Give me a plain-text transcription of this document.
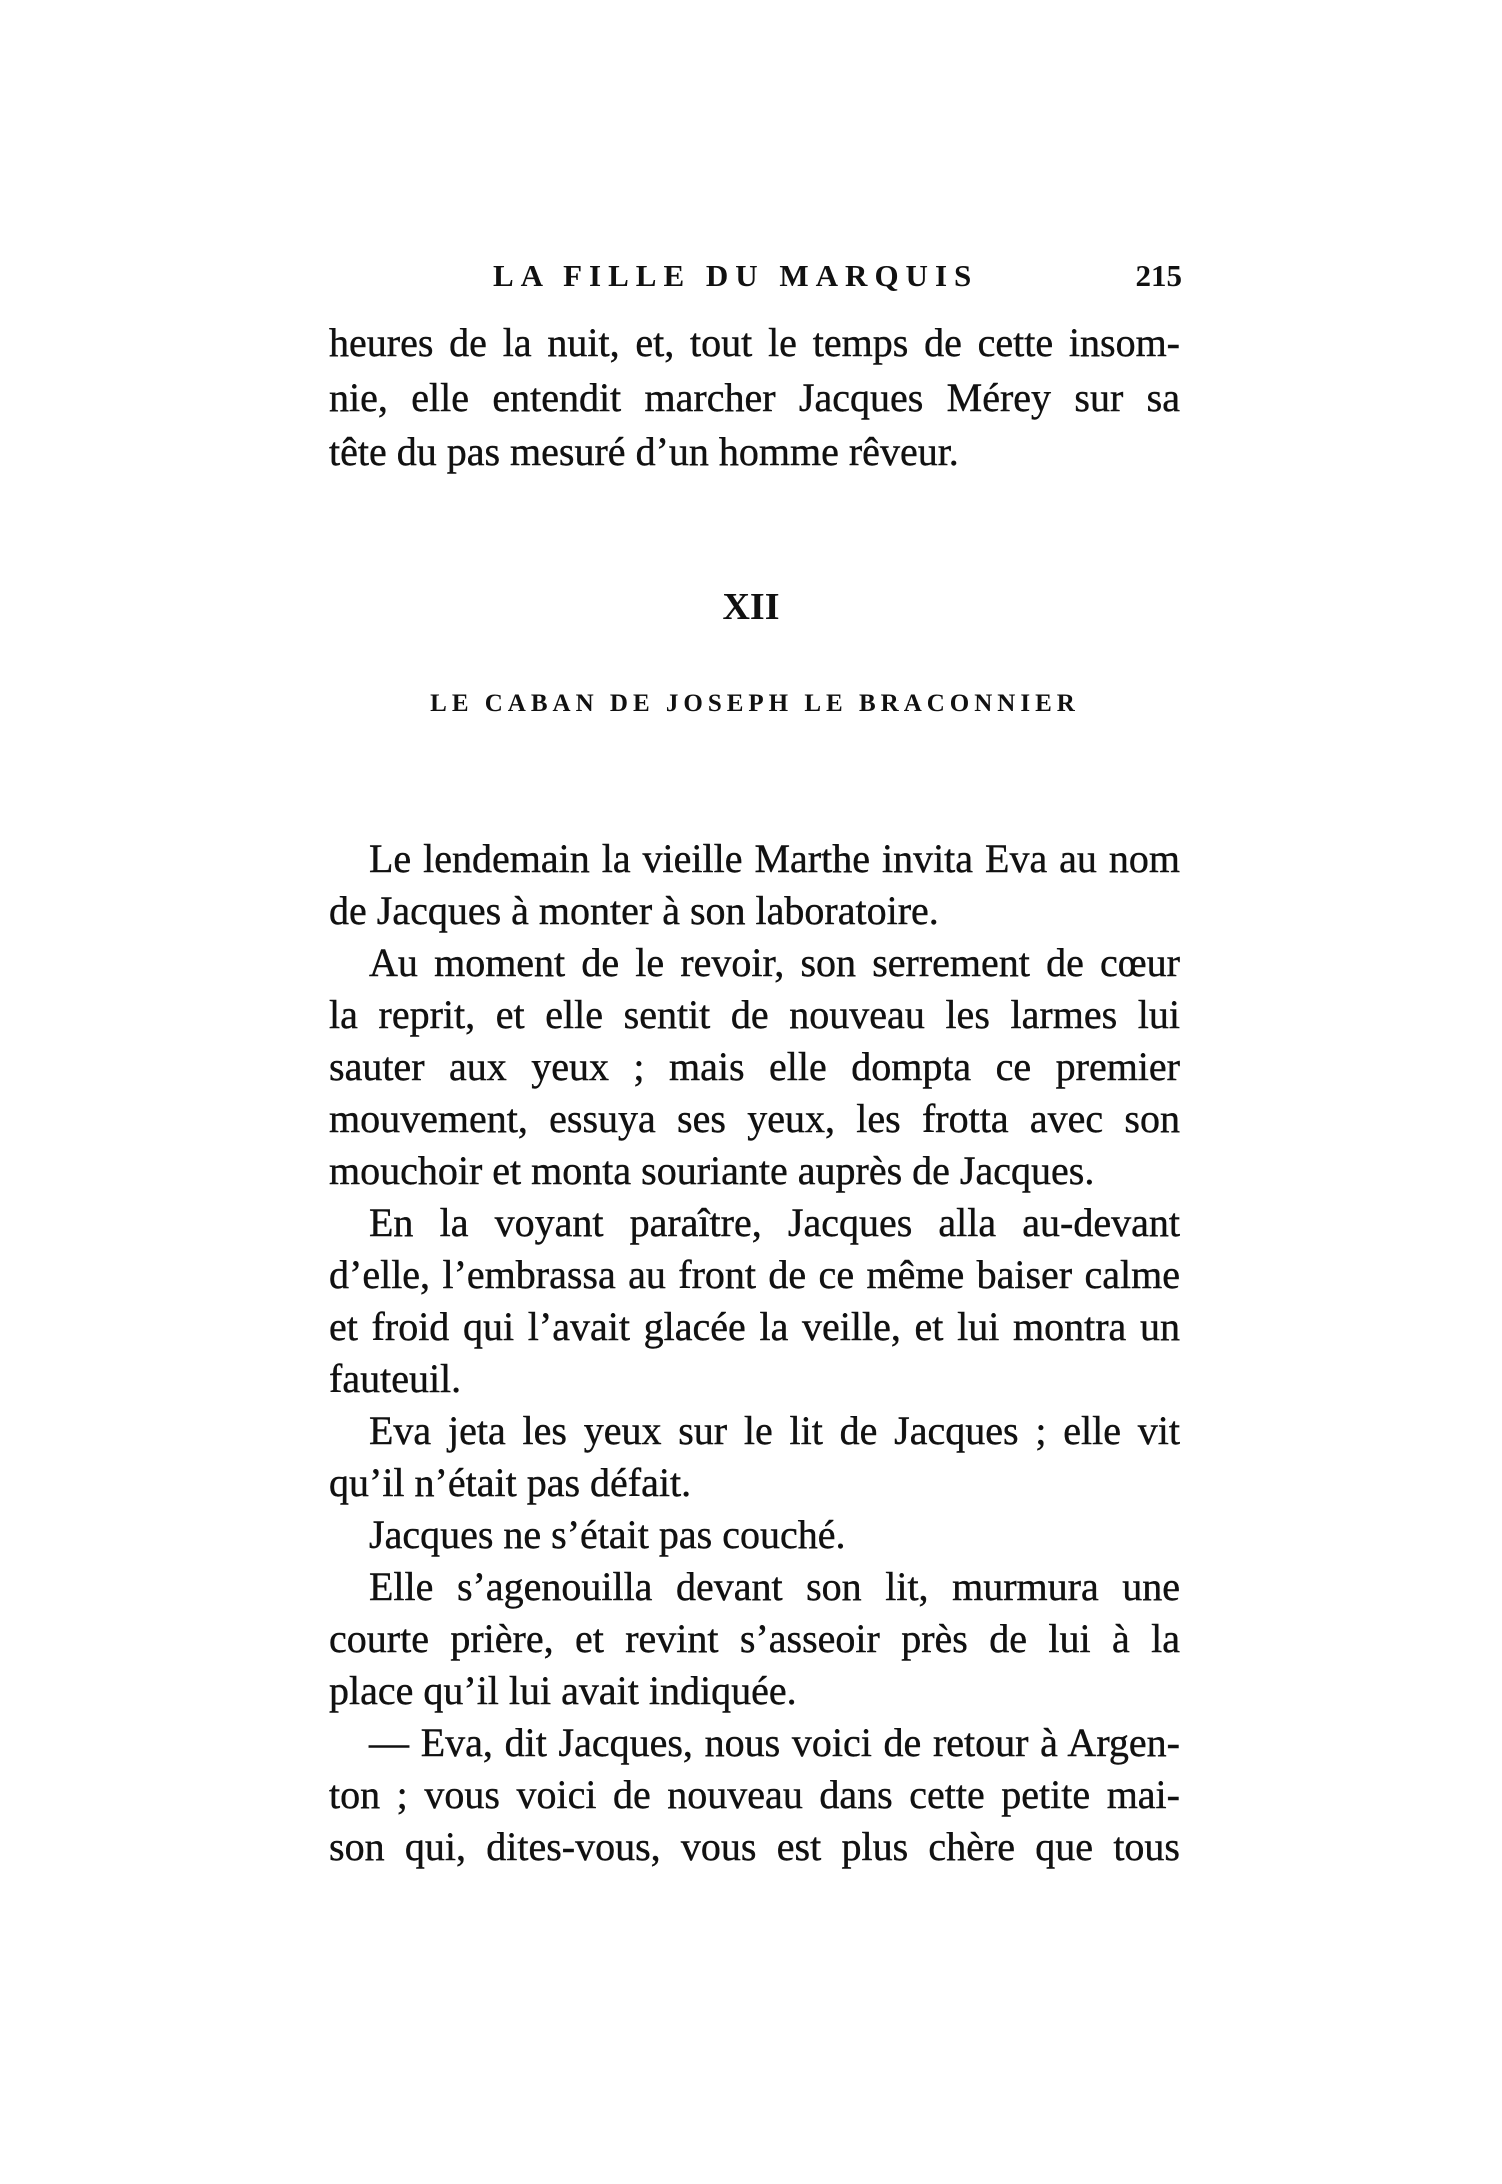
LA FILLE DU MARQUIS	215
heures de la nuit, et, tout le temps de cette insom-
nie, elle entendit marcher Jacques Mérey sur sa
tête du pas mesuré d’un homme rêveur.
XII
LE CABAN DE JOSEPH LE BRACONNIER
Le lendemain la vieille Marthe invita Eva au nom
de Jacques à monter à son laboratoire.
Au moment de le revoir, son serrement de cœur
la reprit, et elle sentit de nouveau les larmes lui
sauter aux yeux ; mais elle dompta ce premier
mouvement, essuya ses yeux, les frotta avec son
mouchoir et monta souriante auprès de Jacques.
En la voyant paraître, Jacques alla au-devant
d’elle, l’embrassa au front de ce même baiser calme
et froid qui l’avait glacée la veille, et lui montra un
fauteuil.
Eva jeta les yeux sur le lit de Jacques ; elle vit
qu’il n’était pas défait.
Jacques ne s’était pas couché.
Elle s’agenouilla devant son lit, murmura une
courte prière, et revint s’asseoir près de lui à la
place qu’il lui avait indiquée.
— Eva, dit Jacques, nous voici de retour à Argen-
ton ; vous voici de nouveau dans cette petite mai-
son qui, dites-vous, vous est plus chère que tous
